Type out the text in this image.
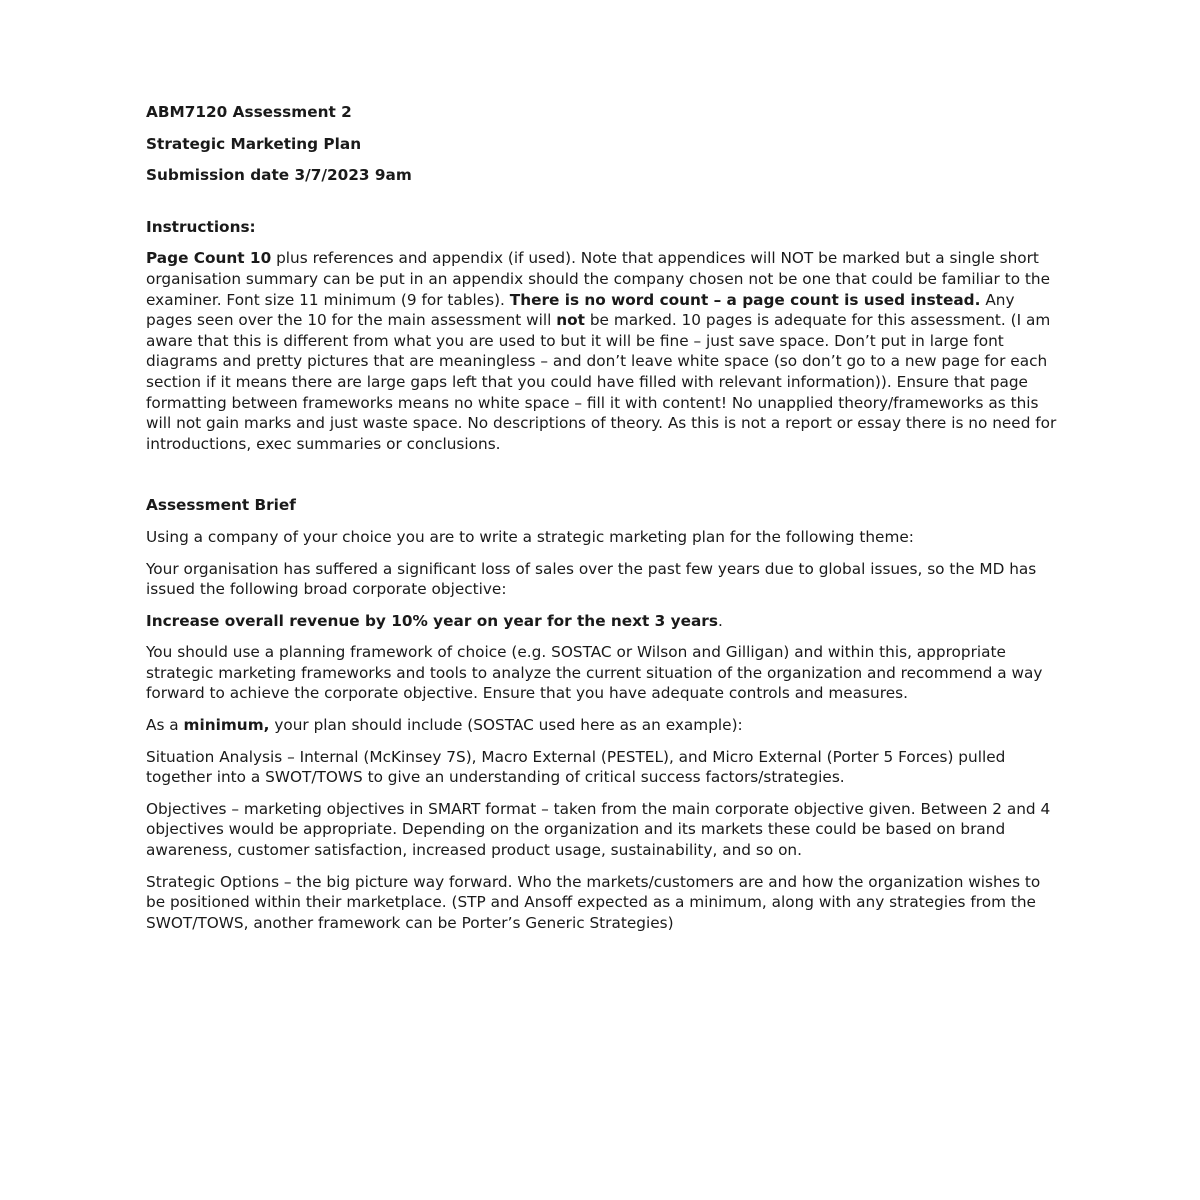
ABM7120 Assessment 2

Strategic Marketing Plan

Submission date 3/7/2023 9am

Instructions:

Page Count 10 plus references and appendix (if used). Note that appendices will NOT be marked but a single short organisation summary can be put in an appendix should the company chosen not be one that could be familiar to the examiner. Font size 11 minimum (9 for tables). There is no word count – a page count is used instead. Any pages seen over the 10 for the main assessment will not be marked. 10 pages is adequate for this assessment. (I am aware that this is different from what you are used to but it will be fine – just save space. Don’t put in large font diagrams and pretty pictures that are meaningless – and don’t leave white space (so don’t go to a new page for each section if it means there are large gaps left that you could have filled with relevant information)). Ensure that page formatting between frameworks means no white space – fill it with content! No unapplied theory/frameworks as this will not gain marks and just waste space. No descriptions of theory. As this is not a report or essay there is no need for introductions, exec summaries or conclusions.

Assessment Brief

Using a company of your choice you are to write a strategic marketing plan for the following theme:

Your organisation has suffered a significant loss of sales over the past few years due to global issues, so the MD has issued the following broad corporate objective:

Increase overall revenue by 10% year on year for the next 3 years.

You should use a planning framework of choice (e.g. SOSTAC or Wilson and Gilligan) and within this, appropriate strategic marketing frameworks and tools to analyze the current situation of the organization and recommend a way forward to achieve the corporate objective. Ensure that you have adequate controls and measures.

As a minimum, your plan should include (SOSTAC used here as an example):

Situation Analysis – Internal (McKinsey 7S), Macro External (PESTEL), and Micro External (Porter 5 Forces) pulled together into a SWOT/TOWS to give an understanding of critical success factors/strategies.

Objectives – marketing objectives in SMART format – taken from the main corporate objective given. Between 2 and 4 objectives would be appropriate. Depending on the organization and its markets these could be based on brand awareness, customer satisfaction, increased product usage, sustainability, and so on.

Strategic Options – the big picture way forward. Who the markets/customers are and how the organization wishes to be positioned within their marketplace. (STP and Ansoff expected as a minimum, along with any strategies from the SWOT/TOWS, another framework can be Porter’s Generic Strategies)
